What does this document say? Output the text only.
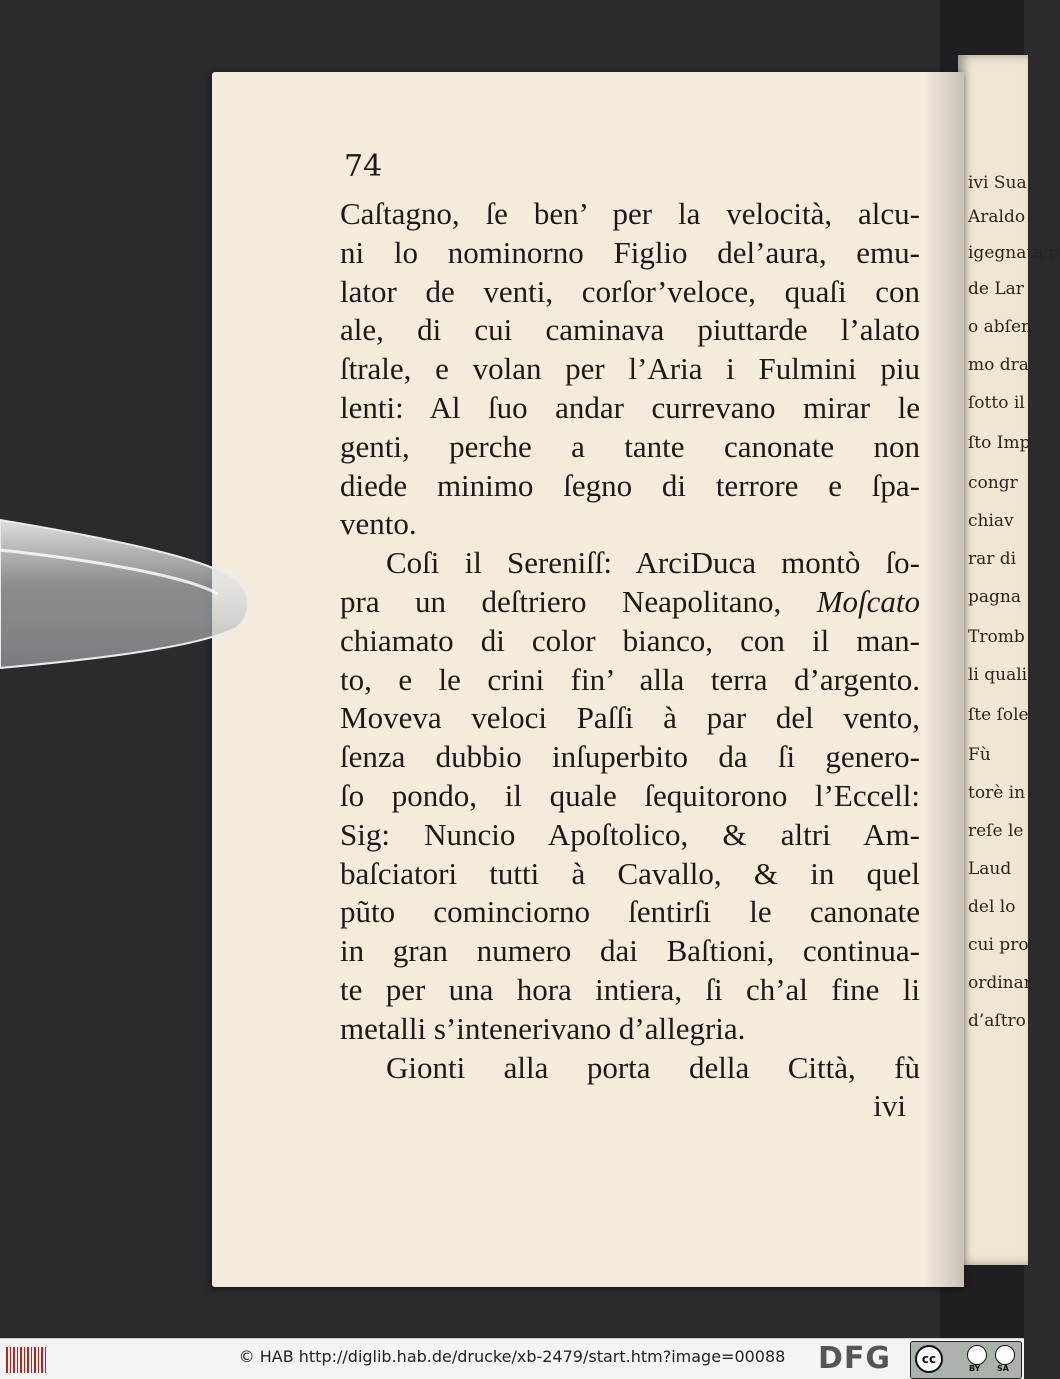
ivi Sua
Araldo
igegnata p
de Lar
o abſen
mo dra
ſotto il
ſto Imp
congr
chiav
rar di
pagna
Tromb
li quali
ſte ſole
Fù
torè in
reſe le
Laud
del lo
cui pro
ordinar
d’aſtro
74
Caſtagno, ſe ben’ per la velocità, alcu-
ni lo nominorno Figlio del’aura, emu-
lator de venti, corſor’veloce, quaſi con
ale, di cui caminava piuttarde l’alato
ſtrale, e volan per l’Aria i Fulmini piu
lenti: Al ſuo andar currevano mirar le
genti, perche a tante canonate non
diede minimo ſegno di terrore e ſpa-
vento.
Coſi il Sereniſſ: ArciDuca montò ſo-
pra un deſtriero Neapolitano, Moſcato
chiamato di color bianco, con il man-
to, e le crini fin’ alla terra d’argento.
Moveva veloci Paſſi à par del vento,
ſenza dubbio inſuperbito da ſi genero-
ſo pondo, il quale ſequitorono l’Eccell:
Sig: Nuncio Apoſtolico, & altri Am-
baſciatori tutti à Cavallo, & in quel
pũto cominciorno ſentirſi le canonate
in gran numero dai Baſtioni, continua-
te per una hora intiera, ſi ch’al fine li
metalli s’intenerivano d’allegria.
Gionti alla porta della Città, fù
ivi
© HAB http://diglib.hab.de/drucke/xb-2479/start.htm?image=00088	DFG	cc
BY SA
